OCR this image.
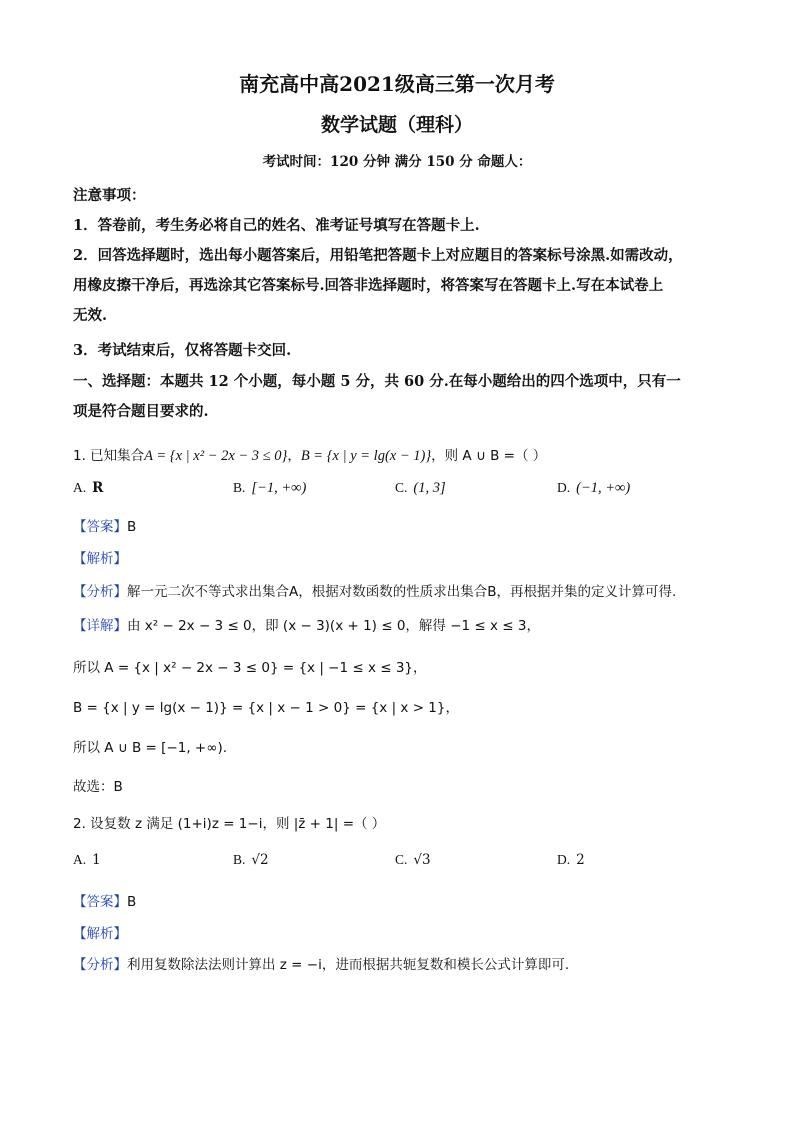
南充高中高2021级高三第一次月考
数学试题（理科）
考试时间：120 分钟 满分 150 分 命题人：
注意事项：
1．答卷前，考生务必将自己的姓名、准考证号填写在答题卡上.
2．回答选择题时，选出每小题答案后，用铅笔把答题卡上对应题目的答案标号涂黑.如需改动，
用橡皮擦干净后，再选涂其它答案标号.回答非选择题时，将答案写在答题卡上.写在本试卷上
无效.
3．考试结束后，仅将答题卡交回.
一、选择题：本题共 12 个小题，每小题 5 分，共 60 分.在每小题给出的四个选项中，只有一
项是符合题目要求的.
1. 已知集合A = {x | x² − 2x − 3 ≤ 0}，B = {x | y = lg(x − 1)}，则 A ∪ B =（ ）
A. R	B. [−1, +∞)	C. (1, 3]	D. (−1, +∞)
【答案】B
【解析】
【分析】解一元二次不等式求出集合A，根据对数函数的性质求出集合B，再根据并集的定义计算可得.
【详解】由 x² − 2x − 3 ≤ 0，即 (x − 3)(x + 1) ≤ 0，解得 −1 ≤ x ≤ 3，
所以 A = {x | x² − 2x − 3 ≤ 0} = {x | −1 ≤ x ≤ 3}，
B = {x | y = lg(x − 1)} = {x | x − 1 > 0} = {x | x > 1}，
所以 A ∪ B = [−1, +∞).
故选：B
2. 设复数 z 满足 (1+i)z = 1−i，则 |z̄ + 1| =（ ）
A. 1	B. √2	C. √3	D. 2
【答案】B
【解析】
【分析】利用复数除法法则计算出 z = −i，进而根据共轭复数和模长公式计算即可.
